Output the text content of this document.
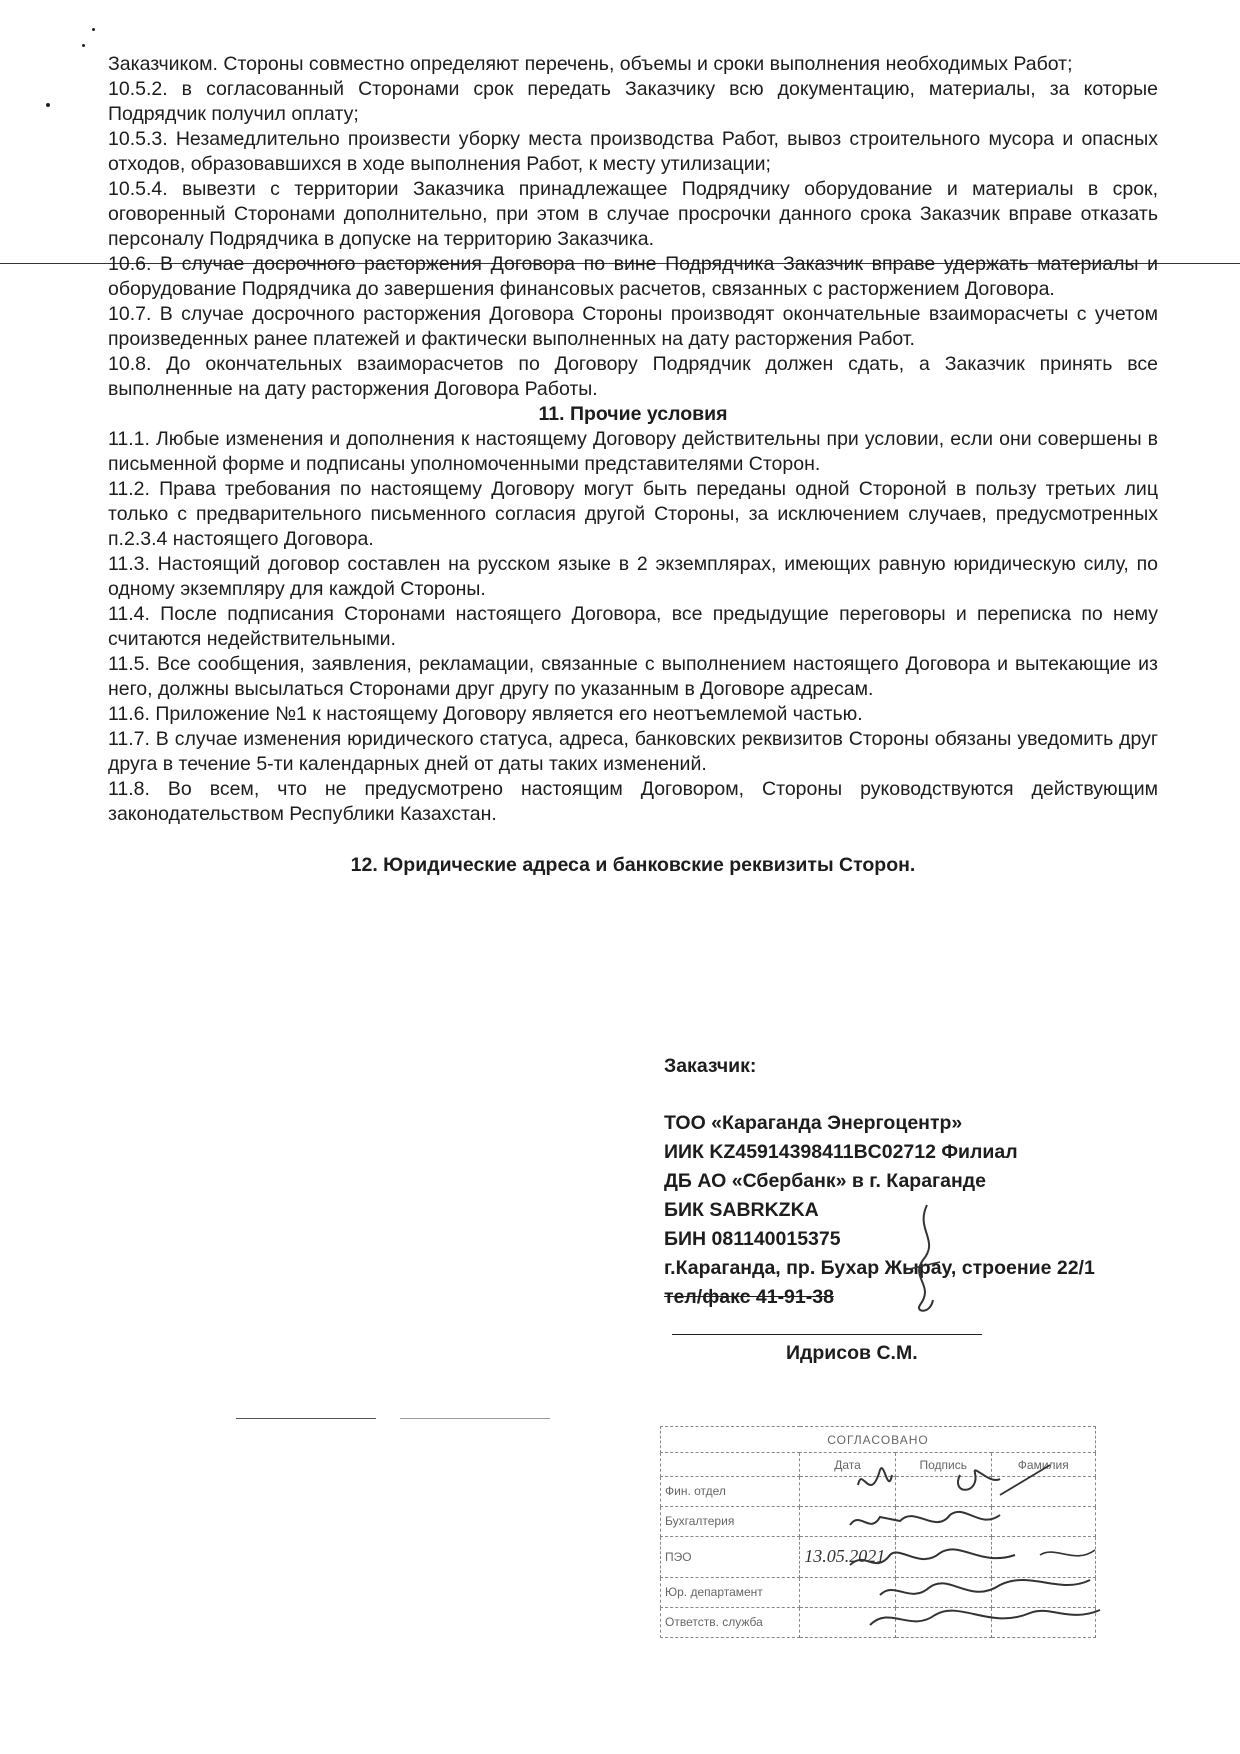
Заказчиком. Стороны совместно определяют перечень, объемы и сроки выполнения необходимых Работ;

10.5.2. в согласованный Сторонами срок передать Заказчику всю документацию, материалы, за которые Подрядчик получил оплату;

10.5.3. Незамедлительно произвести уборку места производства Работ, вывоз строительного мусора и опасных отходов, образовавшихся в ходе выполнения Работ, к месту утилизации;

10.5.4. вывезти с территории Заказчика принадлежащее Подрядчику оборудование и материалы в срок, оговоренный Сторонами дополнительно, при этом в случае просрочки данного срока Заказчик вправе отказать персоналу Подрядчика в допуске на территорию Заказчика.

10.6. В случае досрочного расторжения Договора по вине Подрядчика Заказчик вправе удержать материалы и оборудование Подрядчика до завершения финансовых расчетов, связанных с расторжением Договора.

10.7. В случае досрочного расторжения Договора Стороны производят окончательные взаиморасчеты с учетом произведенных ранее платежей и фактически выполненных на дату расторжения Работ.

10.8. До окончательных взаиморасчетов по Договору Подрядчик должен сдать, а Заказчик принять все выполненные на дату расторжения Договора Работы.

11. Прочие условия

11.1. Любые изменения и дополнения к настоящему Договору действительны при условии, если они совершены в письменной форме и подписаны уполномоченными представителями Сторон.

11.2. Права требования по настоящему Договору могут быть переданы одной Стороной в пользу третьих лиц только с предварительного письменного согласия другой Стороны, за исключением случаев, предусмотренных п.2.3.4 настоящего Договора.

11.3. Настоящий договор составлен на русском языке в 2 экземплярах, имеющих равную юридическую силу, по одному экземпляру для каждой Стороны.

11.4. После подписания Сторонами настоящего Договора, все предыдущие переговоры и переписка по нему считаются недействительными.

11.5. Все сообщения, заявления, рекламации, связанные с выполнением настоящего Договора и вытекающие из него, должны высылаться Сторонами друг другу по указанным в Договоре адресам.

11.6. Приложение №1 к настоящему Договору является его неотъемлемой частью.

11.7. В случае изменения юридического статуса, адреса, банковских реквизитов Стороны обязаны уведомить друг друга в течение 5-ти календарных дней от даты таких изменений.

11.8. Во всем, что не предусмотрено настоящим Договором, Стороны руководствуются действующим законодательством Республики Казахстан.

12. Юридические адреса и банковские реквизиты Сторон.

Заказчик:

ТОО «Караганда Энергоцентр»

ИИК KZ45914398411BC02712 Филиал

ДБ АО «Сбербанк» в г. Караганде

БИК SABRKZKA

БИН 081140015375

г.Караганда, пр. Бухар Жырау, строение 22/1

тел/факс 41-91-38

Идрисов С.М.
СОГЛАСОВАНО			
	Дата	Подпись	Фамилия
Фин. отдел			
Бухгалтерия			
ПЭО	13.05.2021		
Юр. департамент			
Ответств. служба			
